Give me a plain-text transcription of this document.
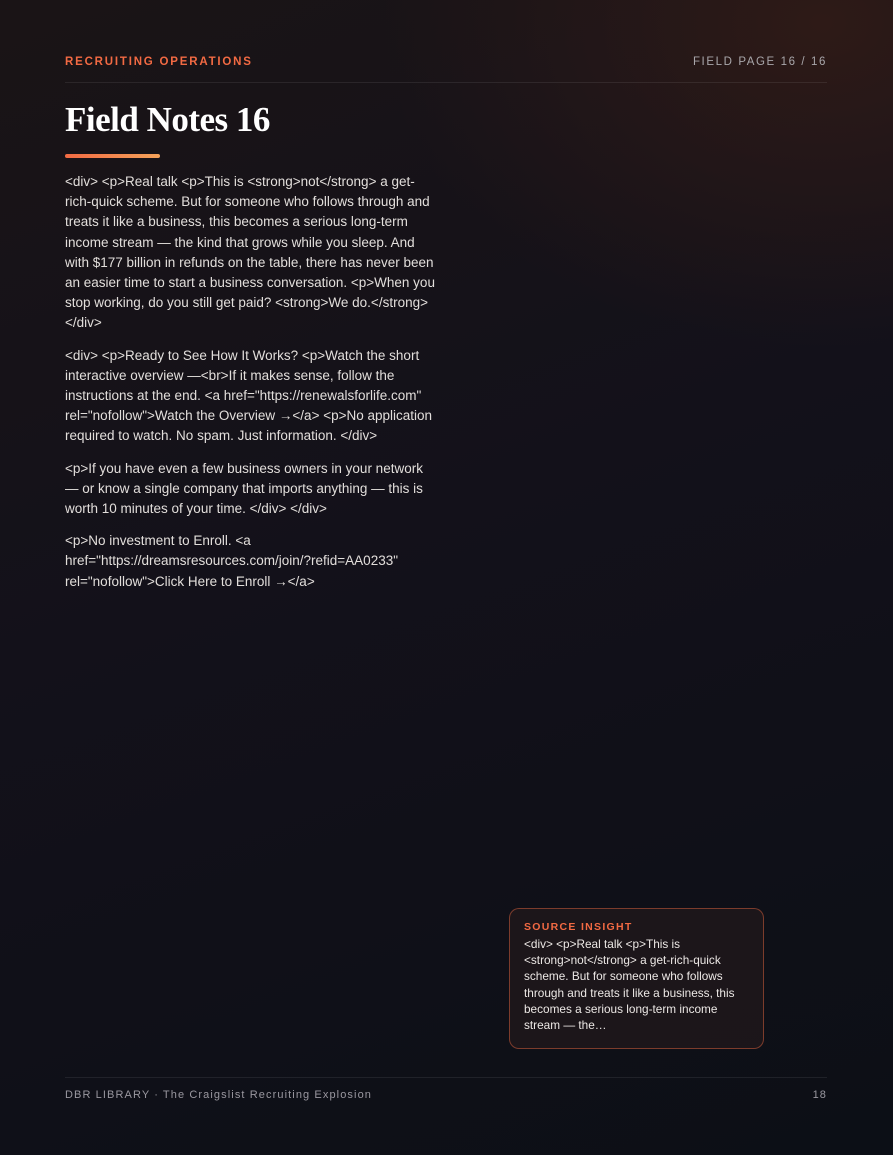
RECRUITING OPERATIONS	FIELD PAGE 16 / 16
Field Notes 16

<div> <p>Real talk <p>This is <strong>not</strong> a get-rich-quick scheme. But for someone who follows through and treats it like a business, this becomes a serious long-term income stream — the kind that grows while you sleep. And with $177 billion in refunds on the table, there has never been an easier time to start a business conversation. <p>When you stop working, do you still get paid? <strong>We do.</strong> </div>

<div> <p>Ready to See How It Works? <p>Watch the short interactive overview —<br>If it makes sense, follow the instructions at the end. <a href="https://renewalsforlife.com" rel="nofollow">Watch the Overview →</a> <p>No application required to watch. No spam. Just information. </div>

<p>If you have even a few business owners in your network — or know a single company that imports anything — this is worth 10 minutes of your time. </div> </div>

<p>No investment to Enroll. <a href="https://dreamsresources.com/join/?refid=AA0233" rel="nofollow">Click Here to Enroll →</a>

SOURCE INSIGHT
<div> <p>Real talk <p>This is <strong>not</strong> a get-rich-quick scheme. But for someone who follows through and treats it like a business, this becomes a serious long-term income stream — the…
DBR LIBRARY · The Craigslist Recruiting Explosion	18
